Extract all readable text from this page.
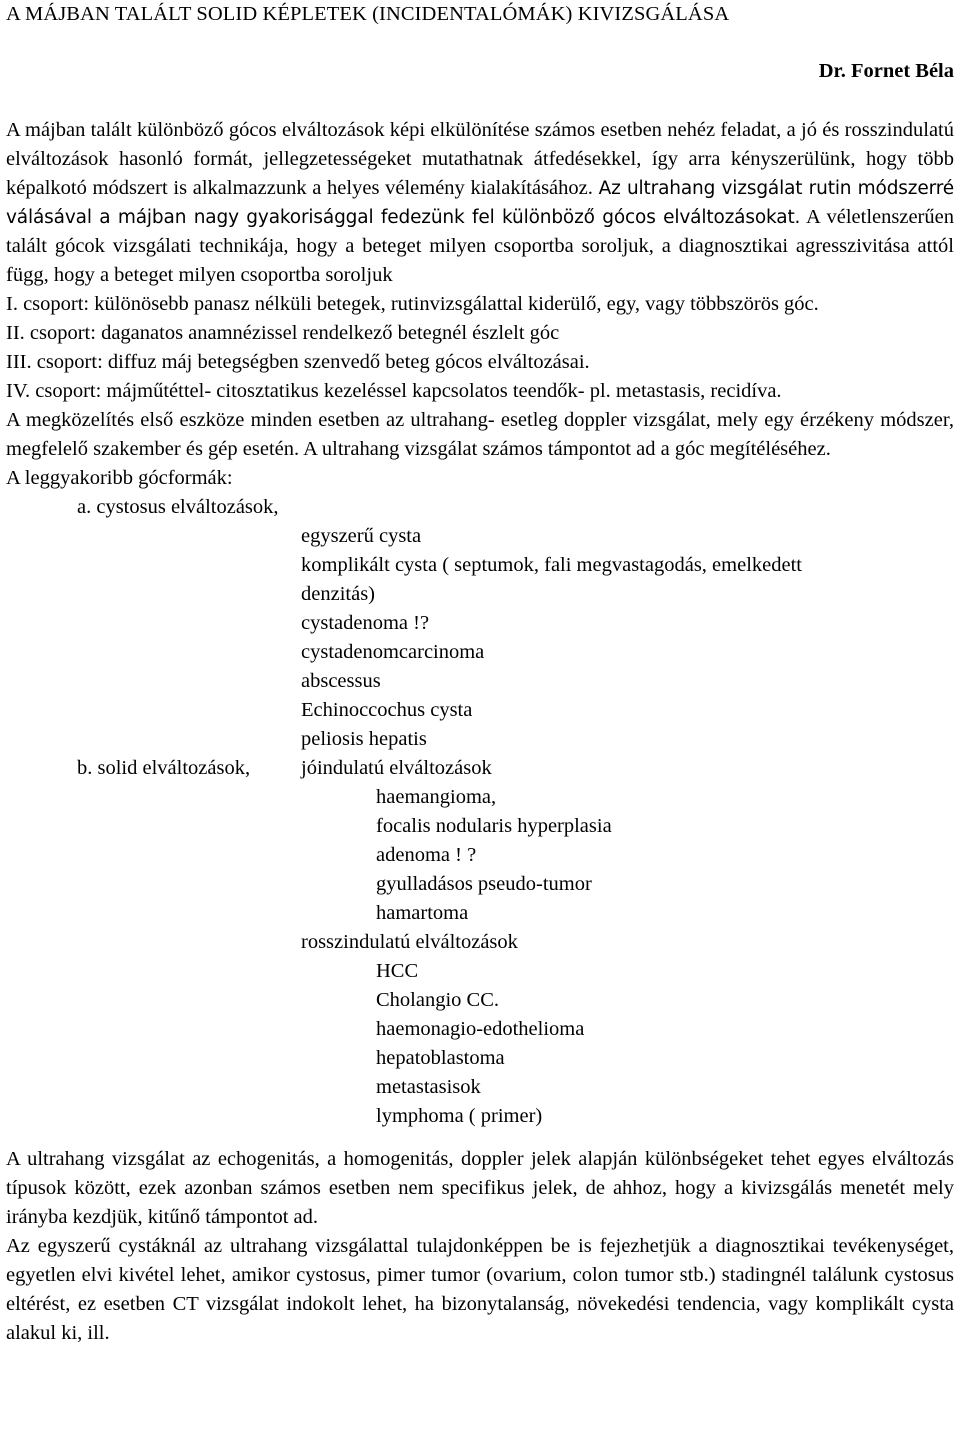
A MÁJBAN TALÁLT SOLID KÉPLETEK (INCIDENTALÓMÁK) KIVIZSGÁLÁSA
Dr. Fornet Béla

A májban talált különböző gócos elváltozások képi elkülönítése számos esetben nehéz feladat, a jó és rosszindulatú elváltozások hasonló formát, jellegzetességeket mutathatnak átfedésekkel, így arra kényszerülünk, hogy több képalkotó módszert is alkalmazzunk a helyes vélemény kialakításához. Az ultrahang vizsgálat rutin módszerré válásával a májban nagy gyakorisággal fedezünk fel különböző gócos elváltozásokat. A véletlenszerűen talált gócok vizsgálati technikája, hogy a beteget milyen csoportba soroljuk, a diagnosztikai agresszivitása attól függ, hogy a beteget milyen csoportba soroljuk

I. csoport: különösebb panasz nélküli betegek, rutinvizsgálattal kiderülő, egy, vagy többszörös góc.

II. csoport: daganatos anamnézissel rendelkező betegnél észlelt góc

III. csoport: diffuz máj betegségben szenvedő beteg gócos elváltozásai.

IV. csoport: májműtéttel- citosztatikus kezeléssel kapcsolatos teendők- pl. metastasis, recidíva.

A megközelítés első eszköze minden esetben az ultrahang- esetleg doppler vizsgálat, mely egy érzékeny módszer, megfelelő szakember és gép esetén. A ultrahang vizsgálat számos támpontot ad a góc megítéléséhez.

A leggyakoribb gócformák:

a. cystosus elváltozások,
egyszerű cysta
komplikált cysta ( septumok, fali megvastagodás, emelkedett
denzitás)
cystadenoma !?
cystadenomcarcinoma
abscessus
Echinoccochus cysta
peliosis hepatis
b. solid elváltozások, jóindulatú elváltozások
haemangioma,
focalis nodularis hyperplasia
adenoma ! ?
gyulladásos pseudo-tumor
hamartoma
rosszindulatú elváltozások
HCC
Cholangio CC.
haemonagio-edothelioma
hepatoblastoma
metastasisok
lymphoma ( primer)

A ultrahang vizsgálat az echogenitás, a homogenitás, doppler jelek alapján különbségeket tehet egyes elváltozás típusok között, ezek azonban számos esetben nem specifikus jelek, de ahhoz, hogy a kivizsgálás menetét mely irányba kezdjük, kitűnő támpontot ad.

Az egyszerű cystáknál az ultrahang vizsgálattal tulajdonképpen be is fejezhetjük a diagnosztikai tevékenységet, egyetlen elvi kivétel lehet, amikor cystosus, pimer tumor (ovarium, colon tumor stb.) stadingnél találunk cystosus eltérést, ez esetben CT vizsgálat indokolt lehet, ha bizonytalanság, növekedési tendencia, vagy komplikált cysta alakul ki, ill.
